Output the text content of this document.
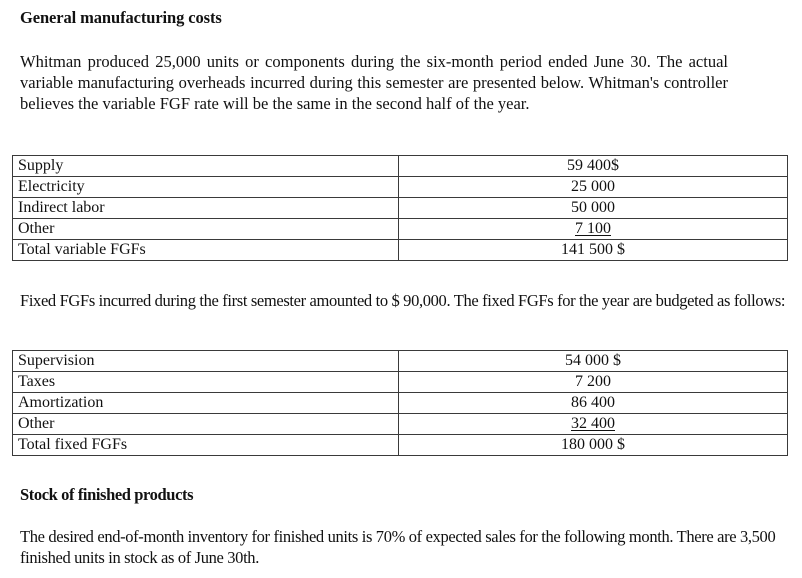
General manufacturing costs
Whitman produced 25,000 units or components during the six-month period ended June 30. The actual variable manufacturing overheads incurred during this semester are presented below. Whitman's controller believes the variable FGF rate will be the same in the second half of the year.
Supply	59 400$
Electricity	25 000
Indirect labor	50 000
Other	7 100
Total variable FGFs	141 500 $
Fixed FGFs incurred during the first semester amounted to $ 90,000. The fixed FGFs for the year are budgeted as follows:
Supervision	54 000 $
Taxes	7 200
Amortization	86 400
Other	32 400
Total fixed FGFs	180 000 $
Stock of finished products
The desired end-of-month inventory for finished units is 70% of expected sales for the following month. There are 3,500 finished units in stock as of June 30th.
